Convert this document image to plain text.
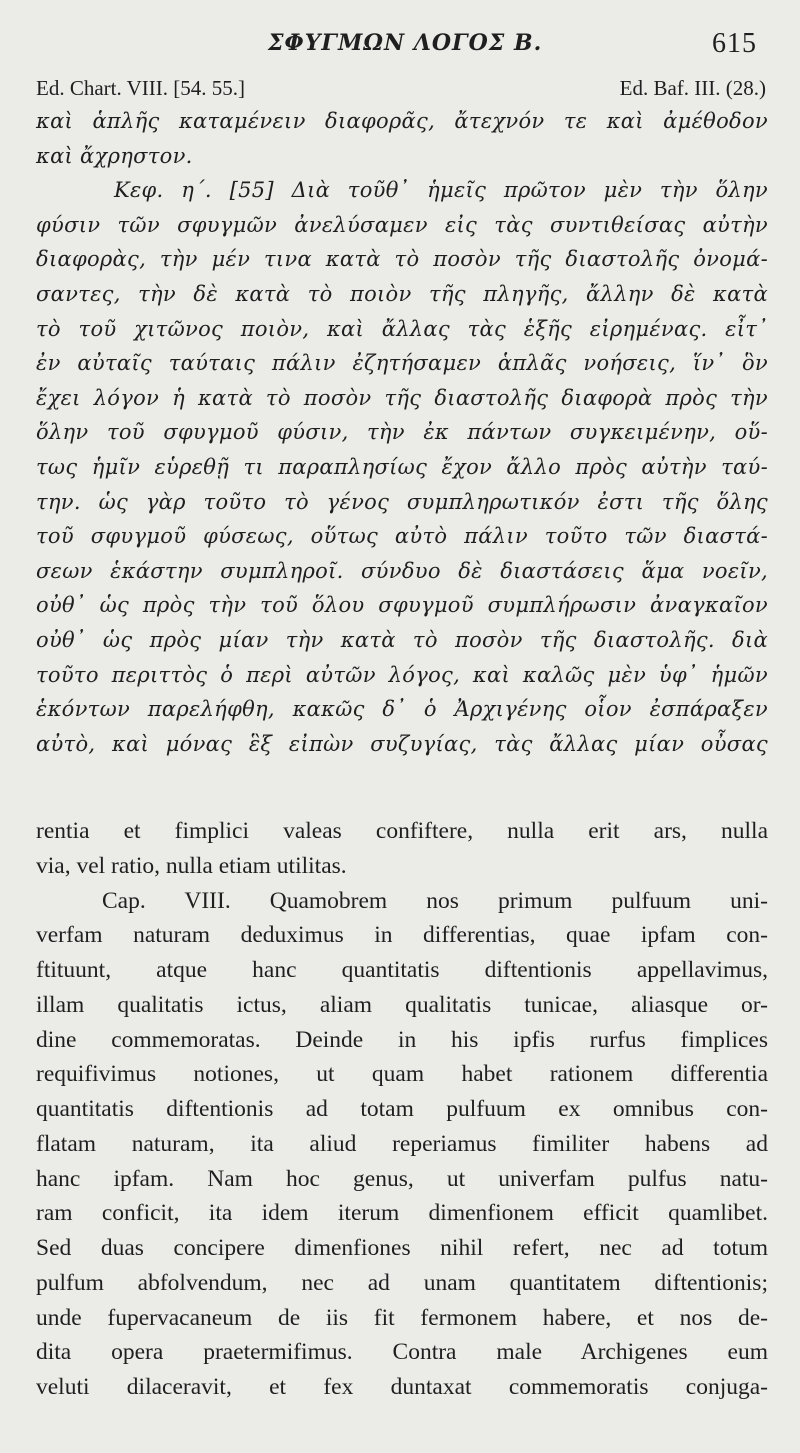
ΣΦΥΓΜΩΝ ΛΟΓΟΣ Β.	615
Ed. Chart. VIII. [54. 55.]	Ed. Baf. III. (28.)
καὶ ἁπλῆς καταμένειν διαφορᾶς, ἄτεχνόν τε καὶ ἀμέθοδον
καὶ ἄχρηστον.
Κεφ. η΄. [55] Διὰ τοῦθ᾽ ἡμεῖς πρῶτον μὲν τὴν ὅλην
φύσιν τῶν σφυγμῶν ἀνελύσαμεν εἰς τὰς συντιθείσας αὐτὴν
διαφορὰς, τὴν μέν τινα κατὰ τὸ ποσὸν τῆς διαστολῆς ὀνομά-
σαντες, τὴν δὲ κατὰ τὸ ποιὸν τῆς πληγῆς, ἄλλην δὲ κατὰ
τὸ τοῦ χιτῶνος ποιὸν, καὶ ἄλλας τὰς ἑξῆς εἰρημένας. εἶτ᾽
ἐν αὐταῖς ταύταις πάλιν ἐζητήσαμεν ἁπλᾶς νοήσεις, ἵν᾽ ὃν
ἔχει λόγον ἡ κατὰ τὸ ποσὸν τῆς διαστολῆς διαφορὰ πρὸς τὴν
ὅλην τοῦ σφυγμοῦ φύσιν, τὴν ἐκ πάντων συγκειμένην, οὕ-
τως ἡμῖν εὑρεθῇ τι παραπλησίως ἔχον ἄλλο πρὸς αὐτὴν ταύ-
την. ὡς γὰρ τοῦτο τὸ γένος συμπληρωτικόν ἐστι τῆς ὅλης
τοῦ σφυγμοῦ φύσεως, οὕτως αὐτὸ πάλιν τοῦτο τῶν διαστά-
σεων ἑκάστην συμπληροῖ. σύνδυο δὲ διαστάσεις ἅμα νοεῖν,
οὐθ᾽ ὡς πρὸς τὴν τοῦ ὅλου σφυγμοῦ συμπλήρωσιν ἀναγκαῖον
οὐθ᾽ ὡς πρὸς μίαν τὴν κατὰ τὸ ποσὸν τῆς διαστολῆς. διὰ
τοῦτο περιττὸς ὁ περὶ αὐτῶν λόγος, καὶ καλῶς μὲν ὑφ᾽ ἡμῶν
ἑκόντων παρελήφθη, κακῶς δ᾽ ὁ Ἀρχιγένης οἷον ἐσπάραξεν
αὐτὸ, καὶ μόνας ἓξ εἰπὼν συζυγίας, τὰς ἄλλας μίαν οὖσας
rentia et fimplici valeas confiftere, nulla erit ars, nulla
via, vel ratio, nulla etiam utilitas.
Cap. VIII. Quamobrem nos primum pulfuum uni-
verfam naturam deduximus in differentias, quae ipfam con-
ftituunt, atque hanc quantitatis diftentionis appellavimus,
illam qualitatis ictus, aliam qualitatis tunicae, aliasque or-
dine commemoratas. Deinde in his ipfis rurfus fimplices
requifivimus notiones, ut quam habet rationem differentia
quantitatis diftentionis ad totam pulfuum ex omnibus con-
flatam naturam, ita aliud reperiamus fimiliter habens ad
hanc ipfam. Nam hoc genus, ut univerfam pulfus natu-
ram conficit, ita idem iterum dimenfionem efficit quamlibet.
Sed duas concipere dimenfiones nihil refert, nec ad totum
pulfum abfolvendum, nec ad unam quantitatem diftentionis;
unde fupervacaneum de iis fit fermonem habere, et nos de-
dita opera praetermifimus. Contra male Archigenes eum
veluti dilaceravit, et fex duntaxat commemoratis conjuga-
